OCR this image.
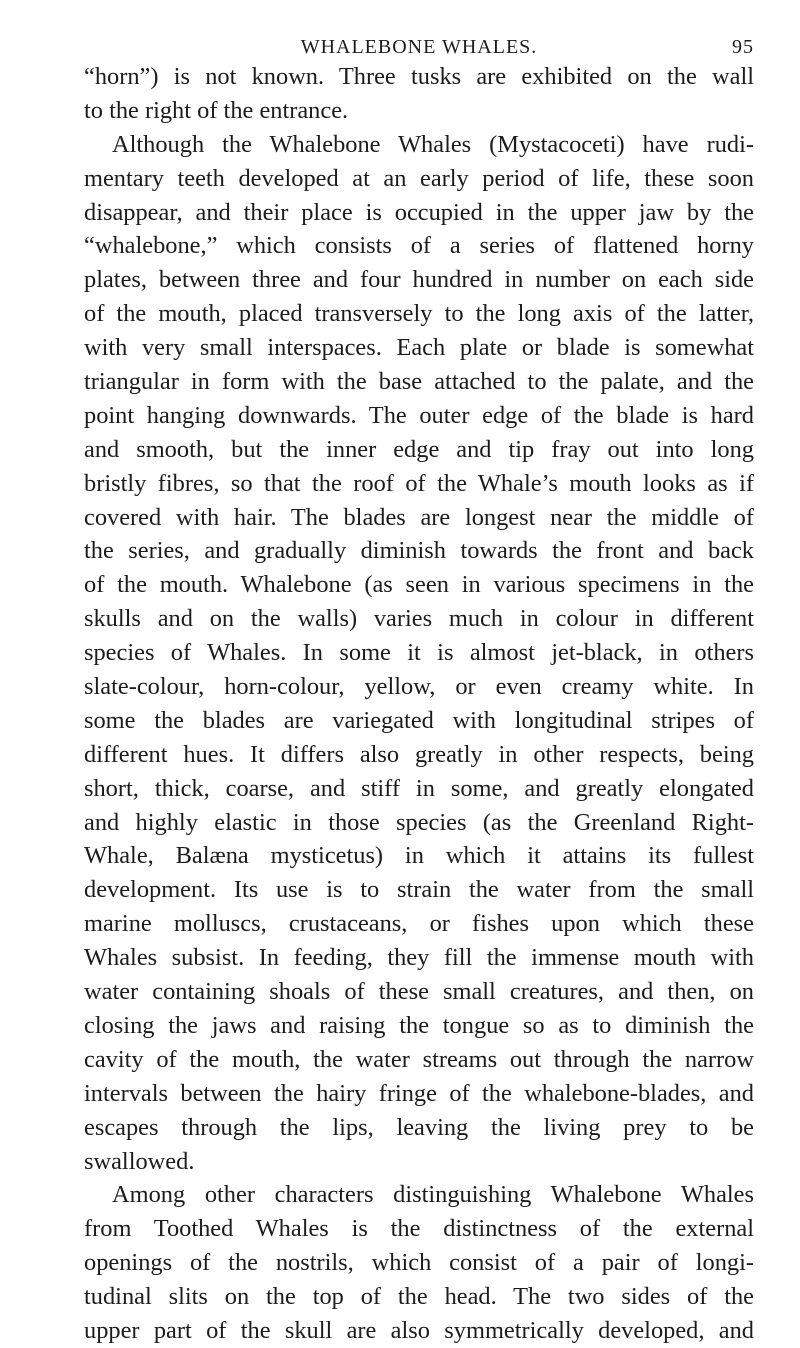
WHALEBONE WHALES.	95
“horn”) is not known. Three tusks are exhibited on the wall
to the right of the entrance.
Although the Whalebone Whales (Mystacoceti) have rudi-
mentary teeth developed at an early period of life, these soon
disappear, and their place is occupied in the upper jaw by the
“whalebone,” which consists of a series of flattened horny
plates, between three and four hundred in number on each side
of the mouth, placed transversely to the long axis of the latter,
with very small interspaces. Each plate or blade is somewhat
triangular in form with the base attached to the palate, and the
point hanging downwards. The outer edge of the blade is hard
and smooth, but the inner edge and tip fray out into long
bristly fibres, so that the roof of the Whale’s mouth looks as if
covered with hair. The blades are longest near the middle of
the series, and gradually diminish towards the front and back
of the mouth. Whalebone (as seen in various specimens in the
skulls and on the walls) varies much in colour in different
species of Whales. In some it is almost jet-black, in others
slate-colour, horn-colour, yellow, or even creamy white. In
some the blades are variegated with longitudinal stripes of
different hues. It differs also greatly in other respects, being
short, thick, coarse, and stiff in some, and greatly elongated
and highly elastic in those species (as the Greenland Right-
Whale, Balæna mysticetus) in which it attains its fullest
development. Its use is to strain the water from the small
marine molluscs, crustaceans, or fishes upon which these
Whales subsist. In feeding, they fill the immense mouth with
water containing shoals of these small creatures, and then, on
closing the jaws and raising the tongue so as to diminish the
cavity of the mouth, the water streams out through the narrow
intervals between the hairy fringe of the whalebone-blades, and
escapes through the lips, leaving the living prey to be
swallowed.
Among other characters distinguishing Whalebone Whales
from Toothed Whales is the distinctness of the external
openings of the nostrils, which consist of a pair of longi-
tudinal slits on the top of the head. The two sides of the
upper part of the skull are also symmetrically developed, and
